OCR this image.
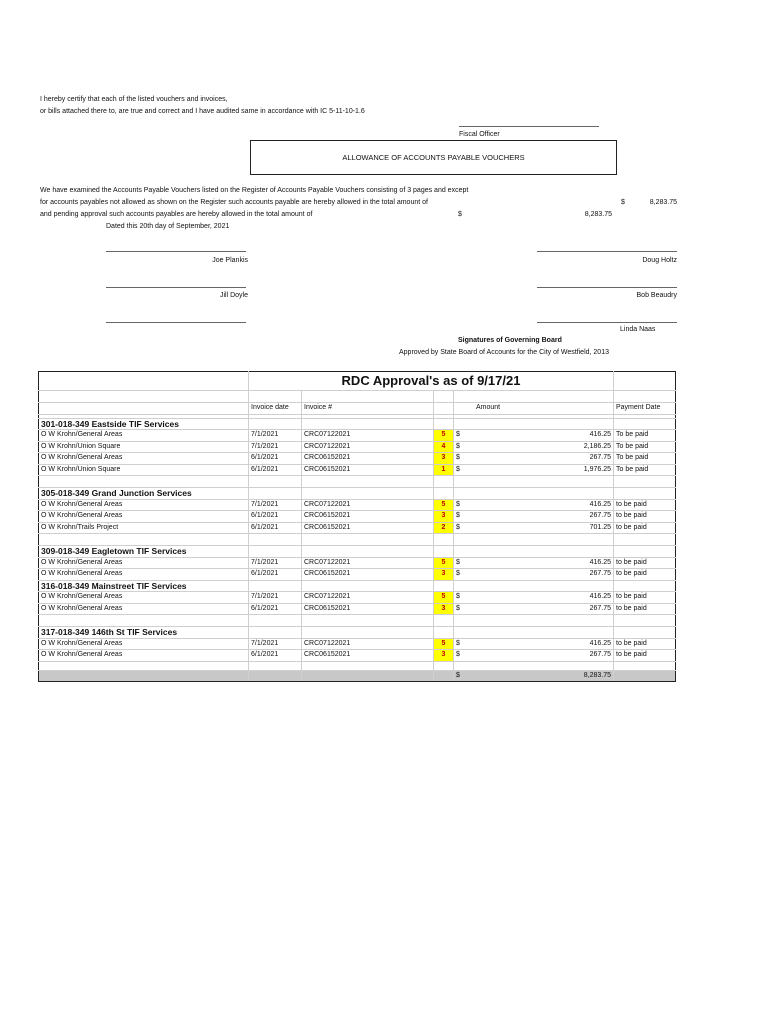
I hereby certify that each of the listed vouchers and invoices,
or bills attached there to, are true and correct and I have audited same in accordance with IC 5-11-10-1.6
Fiscal Officer
ALLOWANCE OF ACCOUNTS PAYABLE VOUCHERS
We have examined the Accounts Payable Vouchers listed on the Register of Accounts Payable Vouchers consisting of 3 pages and except
for accounts payables not allowed as shown on the Register such accounts payable are hereby allowed in the total amount of	$	8,283.75
and pending approval such accounts payables are hereby allowed in the total amount of	$	8,283.75
Dated this 20th day of September, 2021
Joe Plankis	Doug Holtz
Jill Doyle	Bob Beaudry
Linda Naas
Signatures of Governing Board
Approved by State Board of Accounts for the City of Westfield, 2013
	RDC Approval's as of 9/17/21				

	Invoice date	Invoice #		Amount	Payment Date

301-018-349 Eastside TIF Services					
O W Krohn/General Areas	7/1/2021	CRC07122021	5	$ 416.25	To be paid
O W Krohn/Union Square	7/1/2021	CRC07122021	4	$ 2,186.25	To be paid
O W Krohn/General Areas	6/1/2021	CRC06152021	3	$ 267.75	To be paid
O W Krohn/Union Square	6/1/2021	CRC06152021	1	$ 1,976.25	To be paid

305-018-349 Grand Junction Services					
O W Krohn/General Areas	7/1/2021	CRC07122021	5	$ 416.25	to be paid
O W Krohn/General Areas	6/1/2021	CRC06152021	3	$ 267.75	to be paid
O W Krohn/Trails Project	6/1/2021	CRC06152021	2	$ 701.25	to be paid

309-018-349 Eagletown TIF Services					
O W Krohn/General Areas	7/1/2021	CRC07122021	5	$ 416.25	to be paid
O W Krohn/General Areas	6/1/2021	CRC06152021	3	$ 267.75	to be paid
316-018-349 Mainstreet TIF Services					
O W Krohn/General Areas	7/1/2021	CRC07122021	5	$ 416.25	to be paid
O W Krohn/General Areas	6/1/2021	CRC06152021	3	$ 267.75	to be paid

317-018-349 146th St TIF Services					
O W Krohn/General Areas	7/1/2021	CRC07122021	5	$ 416.25	to be paid
O W Krohn/General Areas	6/1/2021	CRC06152021	3	$ 267.75	to be paid

				$ 8,283.75	
